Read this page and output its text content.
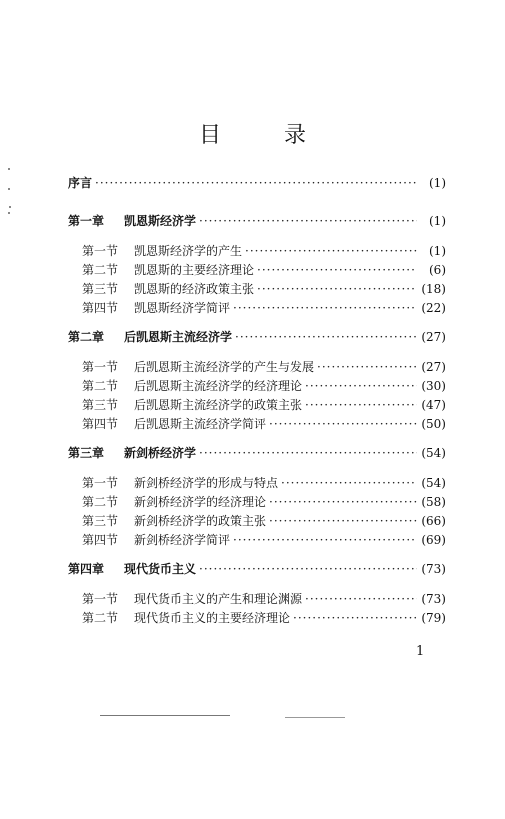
目 录
序言 ·····	(1)
第一章	凯恩斯经济学 ·····	(1)
第一节	凯恩斯经济学的产生 ·····	(1)
第二节	凯恩斯的主要经济理论 ·····	(6)
第三节	凯恩斯的经济政策主张 ·····	(18)
第四节	凯恩斯经济学简评 ·····	(22)
第二章	后凯恩斯主流经济学 ·····	(27)
第一节	后凯恩斯主流经济学的产生与发展 ·····	(27)
第二节	后凯恩斯主流经济学的经济理论 ·····	(30)
第三节	后凯恩斯主流经济学的政策主张 ·····	(47)
第四节	后凯恩斯主流经济学简评 ·····	(50)
第三章	新剑桥经济学 ·····	(54)
第一节	新剑桥经济学的形成与特点 ·····	(54)
第二节	新剑桥经济学的经济理论 ·····	(58)
第三节	新剑桥经济学的政策主张 ·····	(66)
第四节	新剑桥经济学简评 ·····	(69)
第四章	现代货币主义 ·····	(73)
第一节	现代货币主义的产生和理论渊源 ·····	(73)
第二节	现代货币主义的主要经济理论 ·····	(79)
1
